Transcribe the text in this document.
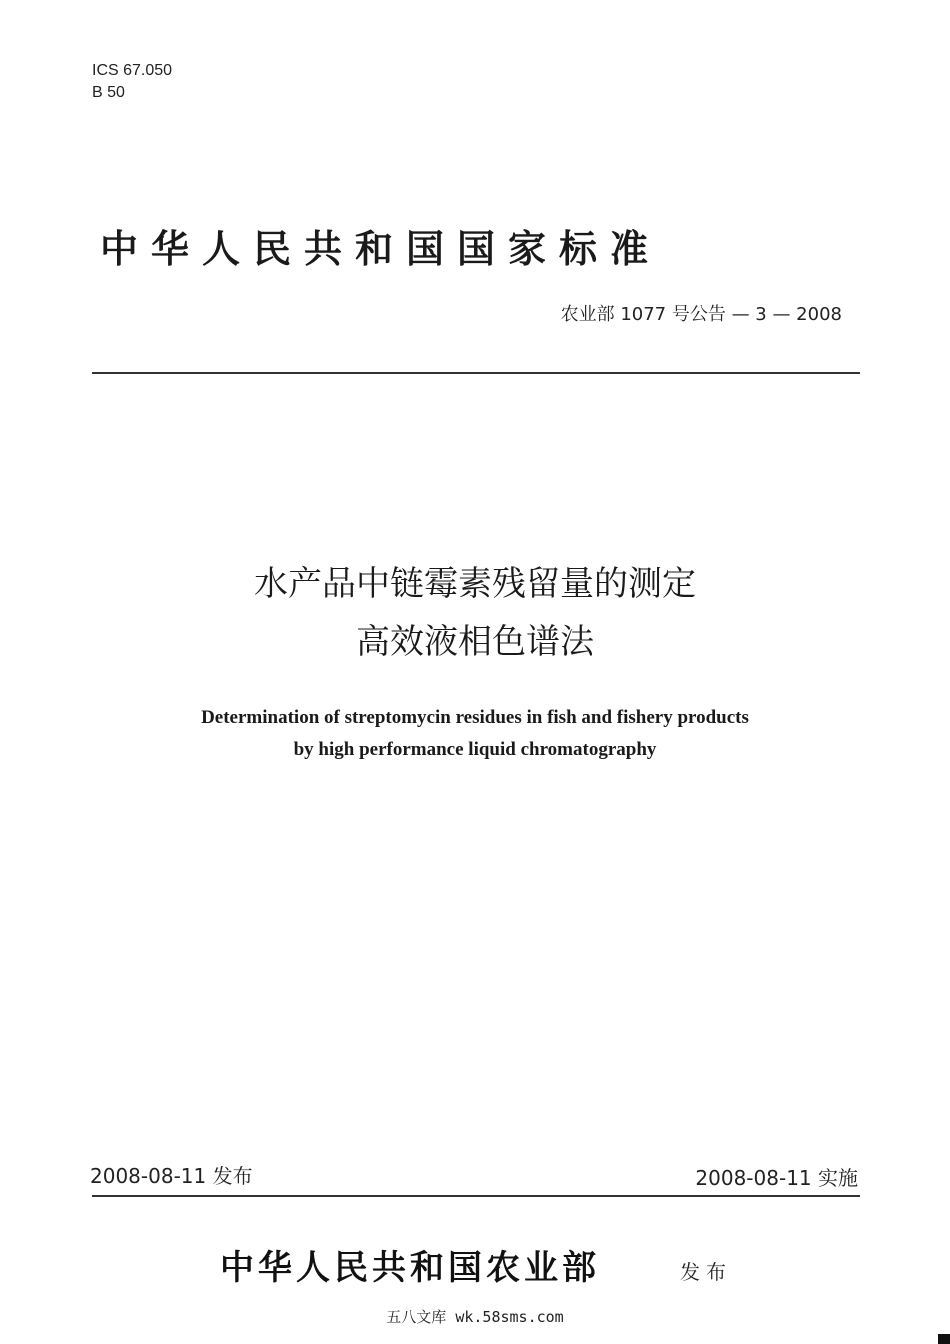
ICS 67.050
B 50
中华人民共和国国家标准
农业部 1077 号公告 — 3 — 2008
水产品中链霉素残留量的测定
高效液相色谱法
Determination of streptomycin residues in fish and fishery products
by high performance liquid chromatography
2008-08-11 发布	2008-08-11 实施
中华人民共和国农业部	发布
五八文库 wk.58sms.com
